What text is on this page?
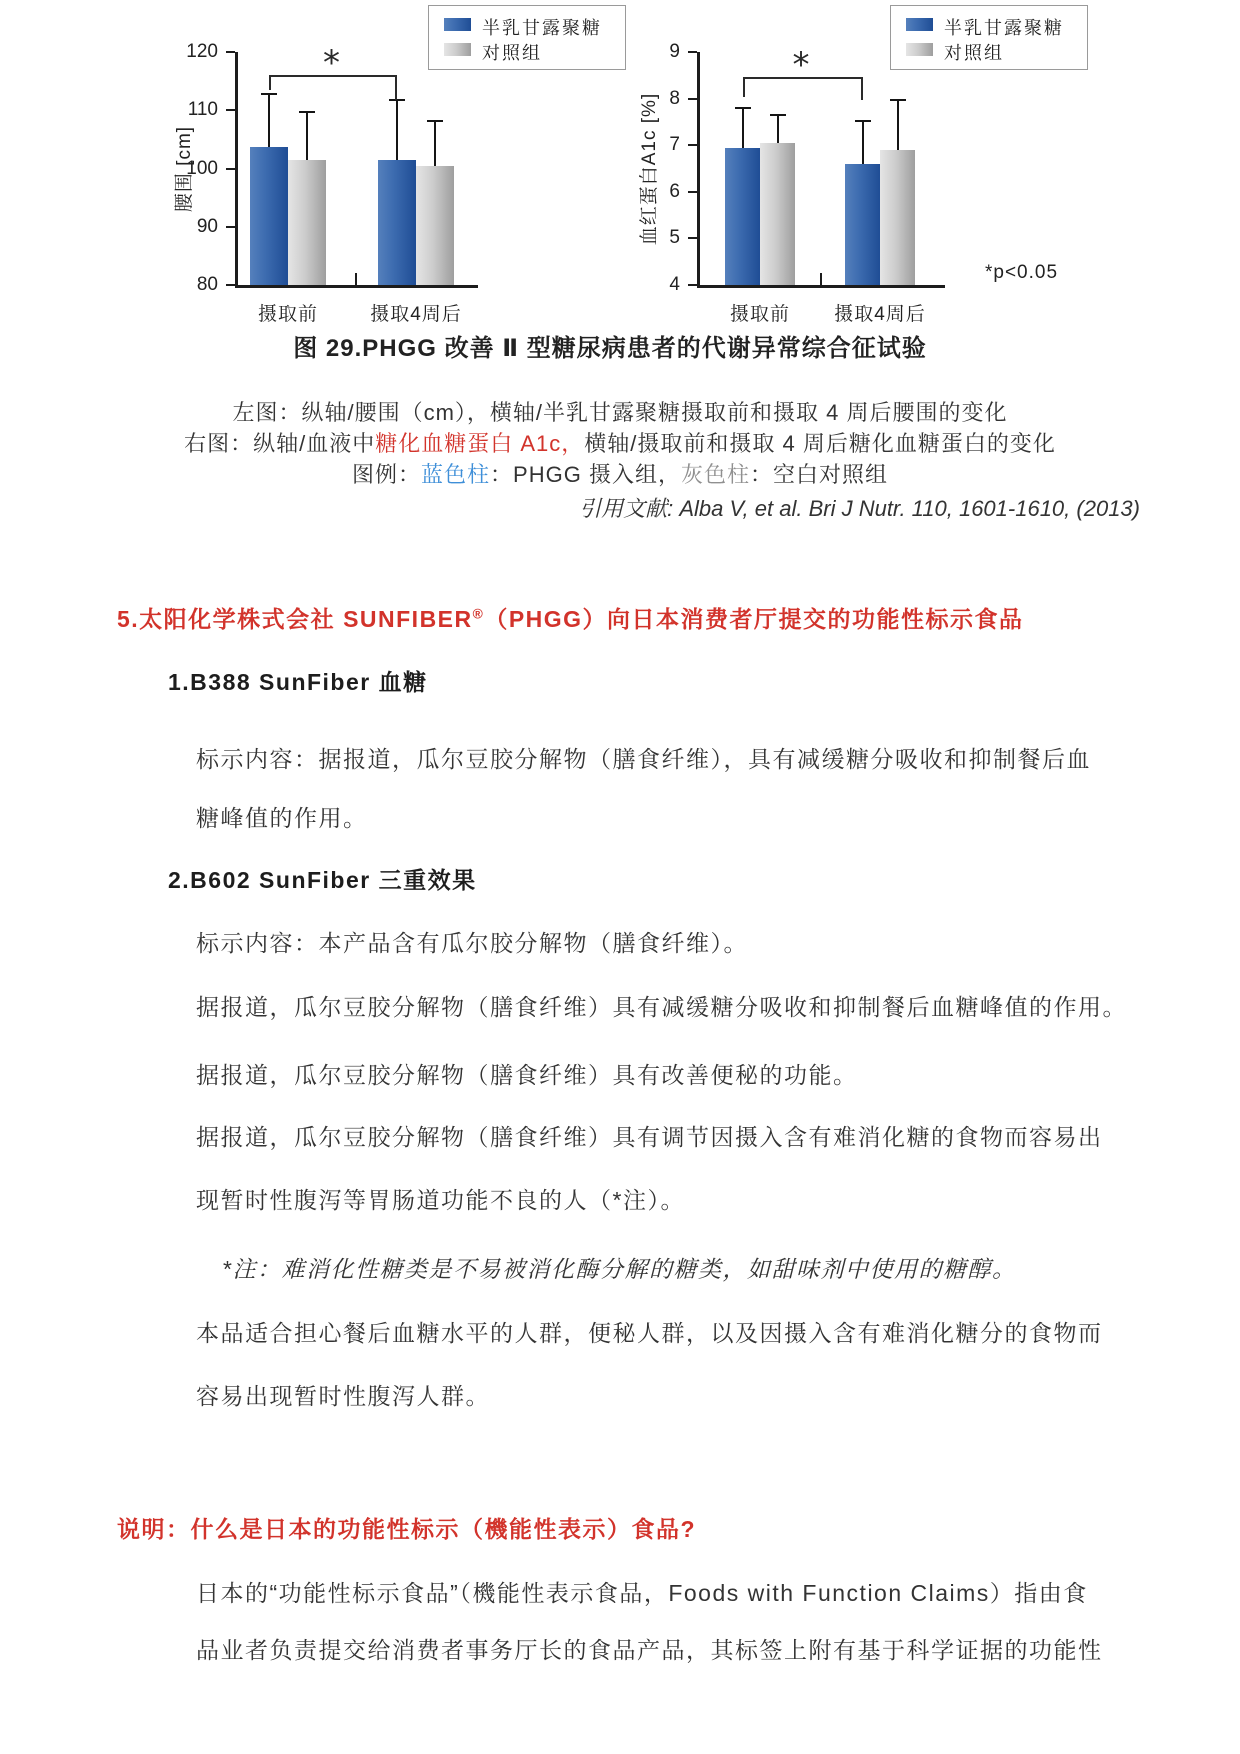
120
110
100
90
80
腰围 [cm]
*
半乳甘露聚糖
对照组
摄取前	摄取4周后
9
8
7
6
5
4
血红蛋白A1c [%]
*
半乳甘露聚糖
对照组
摄取前	摄取4周后
*p<0.05
图 29.PHGG 改善 Ⅱ 型糖尿病患者的代谢异常综合征试验
左图：纵轴/腰围（cm），横轴/半乳甘露聚糖摄取前和摄取 4 周后腰围的变化
右图：纵轴/血液中糖化血糖蛋白 A1c，横轴/摄取前和摄取 4 周后糖化血糖蛋白的变化
图例：蓝色柱：PHGG 摄入组，灰色柱：空白对照组
引用文献: Alba V, et al. Bri J Nutr. 110, 1601-1610, (2013)
5.太阳化学株式会社 SUNFIBER®（PHGG）向日本消费者厅提交的功能性标示食品
1.B388 SunFiber 血糖
标示内容：据报道，瓜尔豆胶分解物（膳食纤维），具有减缓糖分吸收和抑制餐后血
糖峰值的作用。
2.B602 SunFiber 三重效果
标示内容：本产品含有瓜尔胶分解物（膳食纤维）。
据报道，瓜尔豆胶分解物（膳食纤维）具有减缓糖分吸收和抑制餐后血糖峰值的作用。
据报道，瓜尔豆胶分解物（膳食纤维）具有改善便秘的功能。
据报道，瓜尔豆胶分解物（膳食纤维）具有调节因摄入含有难消化糖的食物而容易出
现暂时性腹泻等胃肠道功能不良的人（*注）。
*注：难消化性糖类是不易被消化酶分解的糖类，如甜味剂中使用的糖醇。
本品适合担心餐后血糖水平的人群，便秘人群，以及因摄入含有难消化糖分的食物而
容易出现暂时性腹泻人群。
说明：什么是日本的功能性标示（機能性表示）食品?
日本的“功能性标示食品”（機能性表示食品，Foods with Function Claims）指由食
品业者负责提交给消费者事务厅长的食品产品，其标签上附有基于科学证据的功能性
